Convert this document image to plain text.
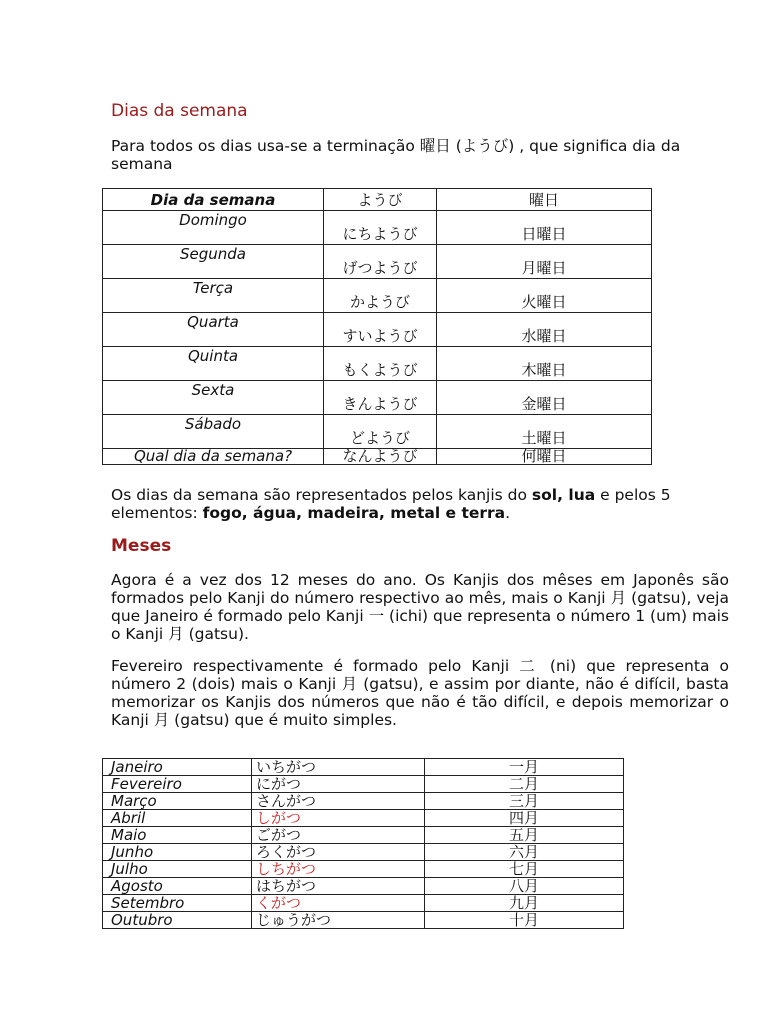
Dias da semana
Para todos os dias usa-se a terminação 曜日 (ようび) , que significa dia da semana
Dia da semana	ようび	曜日
Domingo	にちようび	日曜日
Segunda	げつようび	月曜日
Terça	かようび	火曜日
Quarta	すいようび	水曜日
Quinta	もくようび	木曜日
Sexta	きんようび	金曜日
Sábado	どようび	土曜日
Qual dia da semana?	なんようび	何曜日
Os dias da semana são representados pelos kanjis do sol, lua e pelos 5 elementos: fogo, água, madeira, metal e terra.
Meses
Agora é a vez dos 12 meses do ano. Os Kanjis dos mêses em Japonês são formados pelo Kanji do número respectivo ao mês, mais o Kanji 月 (gatsu), veja que Janeiro é formado pelo Kanji 一 (ichi) que representa o número 1 (um) mais o Kanji 月 (gatsu).
Fevereiro respectivamente é formado pelo Kanji 二 (ni) que representa o número 2 (dois) mais o Kanji 月 (gatsu), e assim por diante, não é difícil, basta memorizar os Kanjis dos números que não é tão difícil, e depois memorizar o Kanji 月 (gatsu) que é muito simples.
Janeiro	いちがつ	一月
Fevereiro	にがつ	二月
Março	さんがつ	三月
Abril	しがつ	四月
Maio	ごがつ	五月
Junho	ろくがつ	六月
Julho	しちがつ	七月
Agosto	はちがつ	八月
Setembro	くがつ	九月
Outubro	じゅうがつ	十月
